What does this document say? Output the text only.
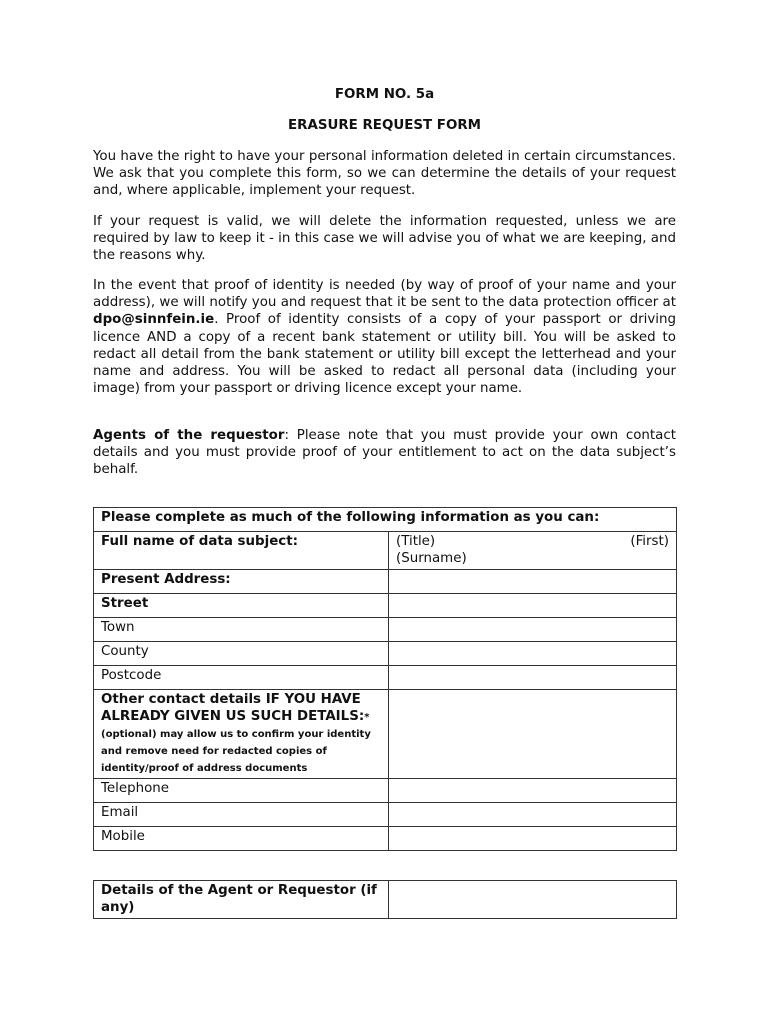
FORM NO. 5a
ERASURE REQUEST FORM

You have the right to have your personal information deleted in certain circumstances. We ask that you complete this form, so we can determine the details of your request and, where applicable, implement your request.

If your request is valid, we will delete the information requested, unless we are required by law to keep it - in this case we will advise you of what we are keeping, and the reasons why.

In the event that proof of identity is needed (by way of proof of your name and your address), we will notify you and request that it be sent to the data protection officer at dpo@sinnfein.ie. Proof of identity consists of a copy of your passport or driving licence AND a copy of a recent bank statement or utility bill. You will be asked to redact all detail from the bank statement or utility bill except the letterhead and your name and address. You will be asked to redact all personal data (including your image) from your passport or driving licence except your name.

Agents of the requestor: Please note that you must provide your own contact details and you must provide proof of your entitlement to act on the data subject’s behalf.

Please complete as much of the following information as you can:	
Full name of data subject:	(Title) (First)
(Surname)

Present Address:	
Street	
Town	
County	
Postcode	
Other contact details IF YOU HAVE ALREADY GIVEN US SUCH DETAILS:*(optional) may allow us to confirm your identity and remove need for redacted copies of identity/proof of address documents	
Telephone	
Email	
Mobile	
Details of the Agent or Requestor (if any)	
